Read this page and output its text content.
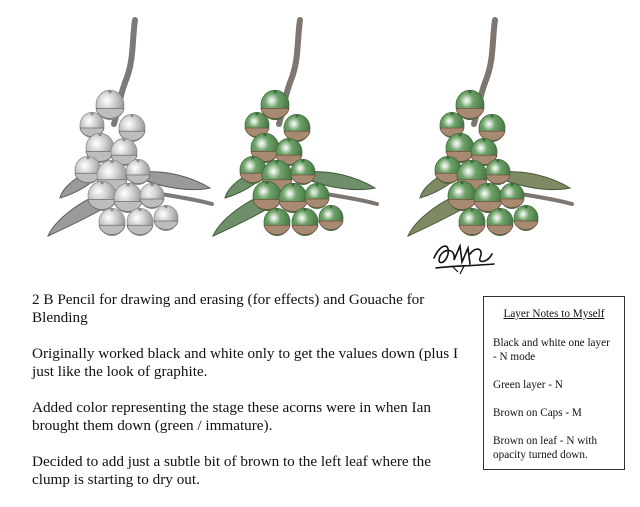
2 B Pencil for drawing and erasing (for effects) and Gouache for Blending

Originally worked black and white only to get the values down (plus I just like the look of graphite.

Added color representing the stage these acorns were in when Ian brought them down (green / immature).

Decided to add just a subtle bit of brown to the left leaf where the clump is starting to dry out.

Layer Notes to Myself

Black and white one layer - N mode

Green layer - N

Brown on Caps - M

Brown on leaf - N with opacity turned down.
